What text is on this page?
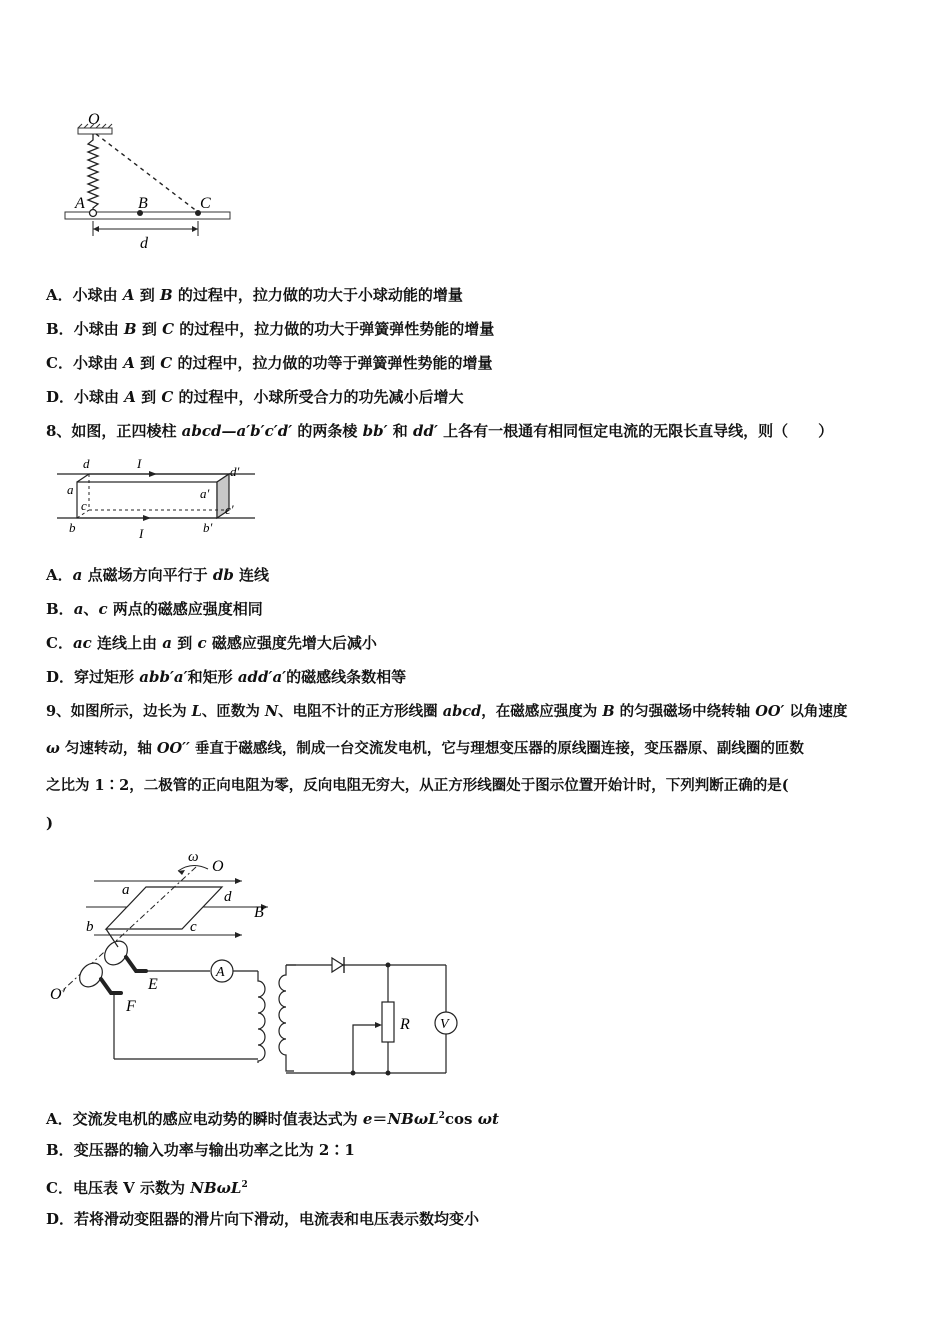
O
A	B	C
d
A．小球由 A 到 B 的过程中，拉力做的功大于小球动能的增量
B．小球由 B 到 C 的过程中，拉力做的功大于弹簧弹性势能的增量
C．小球由 A 到 C 的过程中，拉力做的功等于弹簧弹性势能的增量
D．小球由 A 到 C 的过程中，小球所受合力的功先减小后增大
8、如图，正四棱柱 abcd—a′b′c′d′ 的两条棱 bb′ 和 dd′ 上各有一根通有相同恒定电流的无限长直导线，则（　　）
d	I
d′
a	a′
c	c′
b	b′
I
A．a 点磁场方向平行于 db 连线
B．a、c 两点的磁感应强度相同
C．ac 连线上由 a 到 c 磁感应强度先增大后减小
D．穿过矩形 abb′a′和矩形 add′a′的磁感线条数相等
9、如图所示，边长为 L、匝数为 N、电阻不计的正方形线圈 abcd，在磁感应强度为 B 的匀强磁场中绕转轴 OO′ 以角速度
ω 匀速转动，轴 OO′′ 垂直于磁感线，制成一台交流发电机，它与理想变压器的原线圈连接，变压器原、副线圈的匝数
之比为 1∶2，二极管的正向电阻为零，反向电阻无穷大，从正方形线圈处于图示位置开始计时，下列判断正确的是(
)
A
R V
ω
O
a	d
B
b	c
E
O′
F
A．交流发电机的感应电动势的瞬时值表达式为 e＝NBωL$^2$cos ωt
B．变压器的输入功率与输出功率之比为 2∶1
C．电压表 V 示数为 NBωL$^2$
D．若将滑动变阻器的滑片向下滑动，电流表和电压表示数均变小
